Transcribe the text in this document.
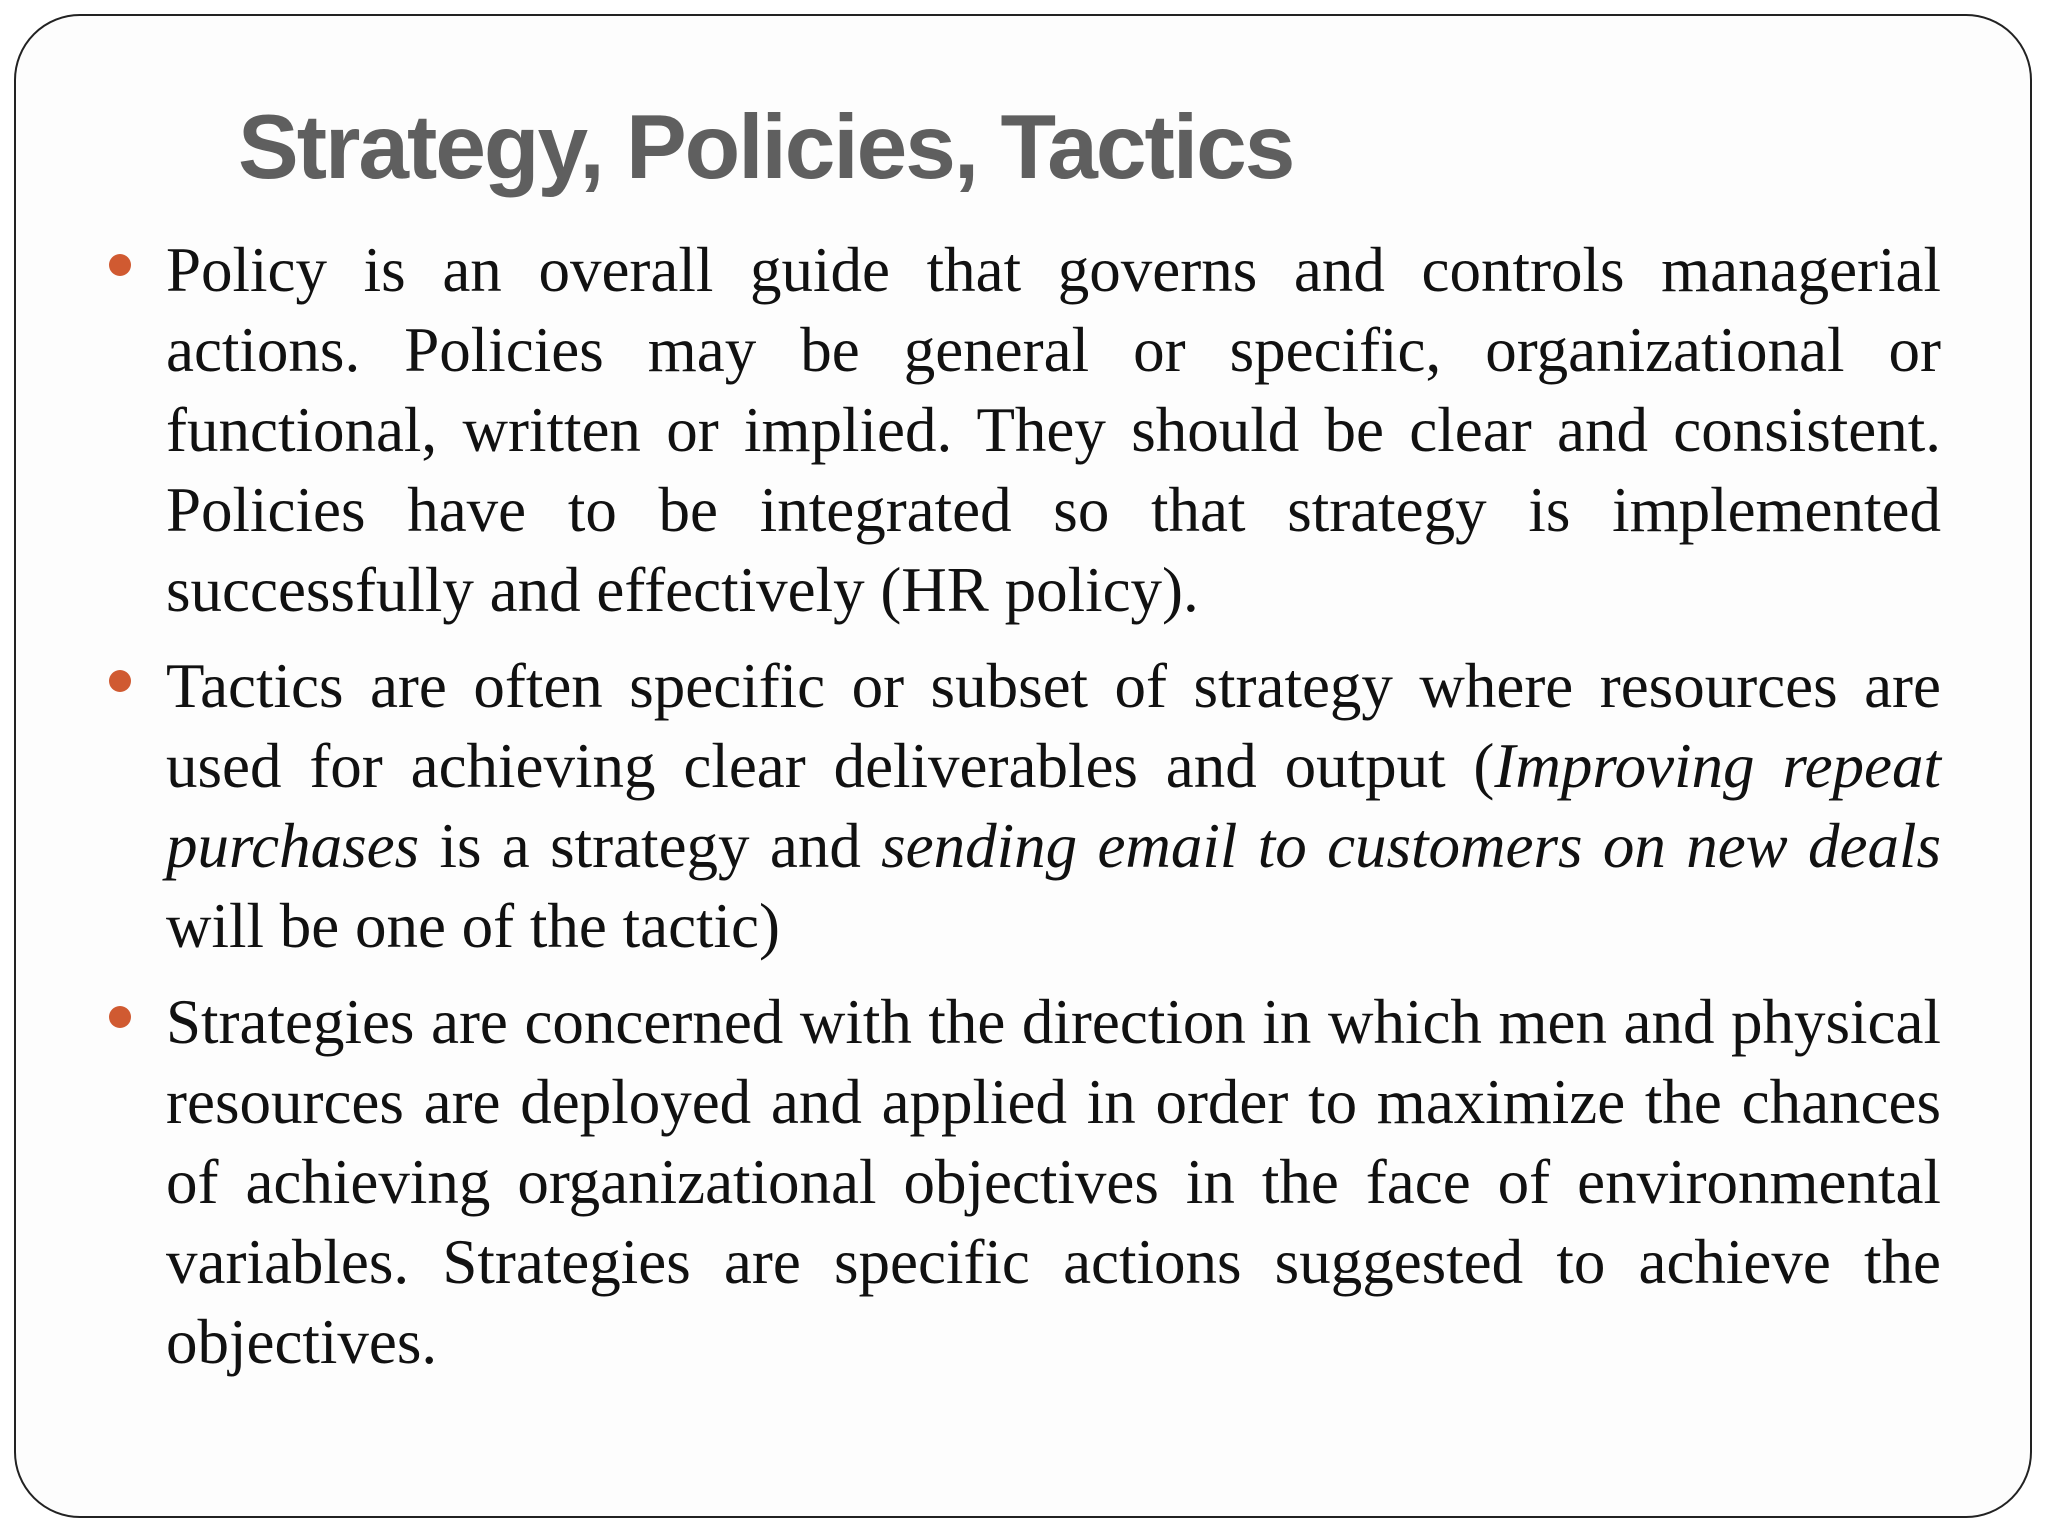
Strategy, Policies, Tactics

Policy is an overall guide that governs and controls managerial actions. Policies may be general or specific, organizational or functional, written or implied. They should be clear and consistent. Policies have to be integrated so that strategy is implemented successfully and effectively (HR policy).

Tactics are often specific or subset of strategy where resources are used for achieving clear deliverables and output (Improving repeat purchases is a strategy and sending email to customers on new deals will be one of the tactic)

Strategies are concerned with the direction in which men and physical resources are deployed and applied in order to maximize the chances of achieving organizational objectives in the face of environmental variables. Strategies are specific actions suggested to achieve the objectives.
